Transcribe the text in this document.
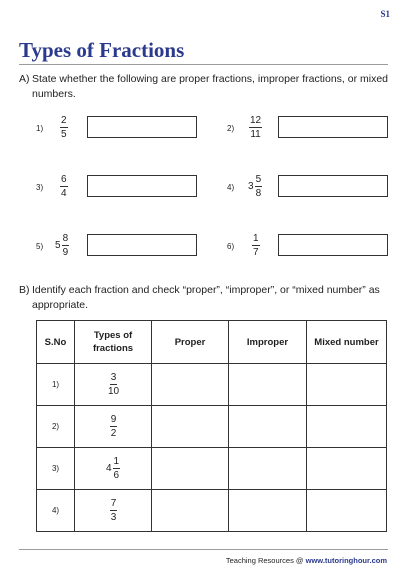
S1
Types of Fractions
A) State whether the following are proper fractions, improper fractions, or mixed numbers.
$1) \frac{2}{5}$	$2) \frac{12}{11}$
$3) \frac{6}{4}$	4) $3 \frac{5}{8}$
5) $5 \frac{8}{9}$	$6) \frac{1}{7}$
B) Identify each fraction and check “proper”, “improper”, or “mixed number” as appropriate.
S.No	Types of fractions	Proper	Improper	Mixed number
1)	$\frac{3}{10}$

2)	$\frac{9}{2}$

3)	$4 \frac{1}{6}$

4)	$\frac{7}{3}$

Teaching Resources @ www.tutoringhour.com
